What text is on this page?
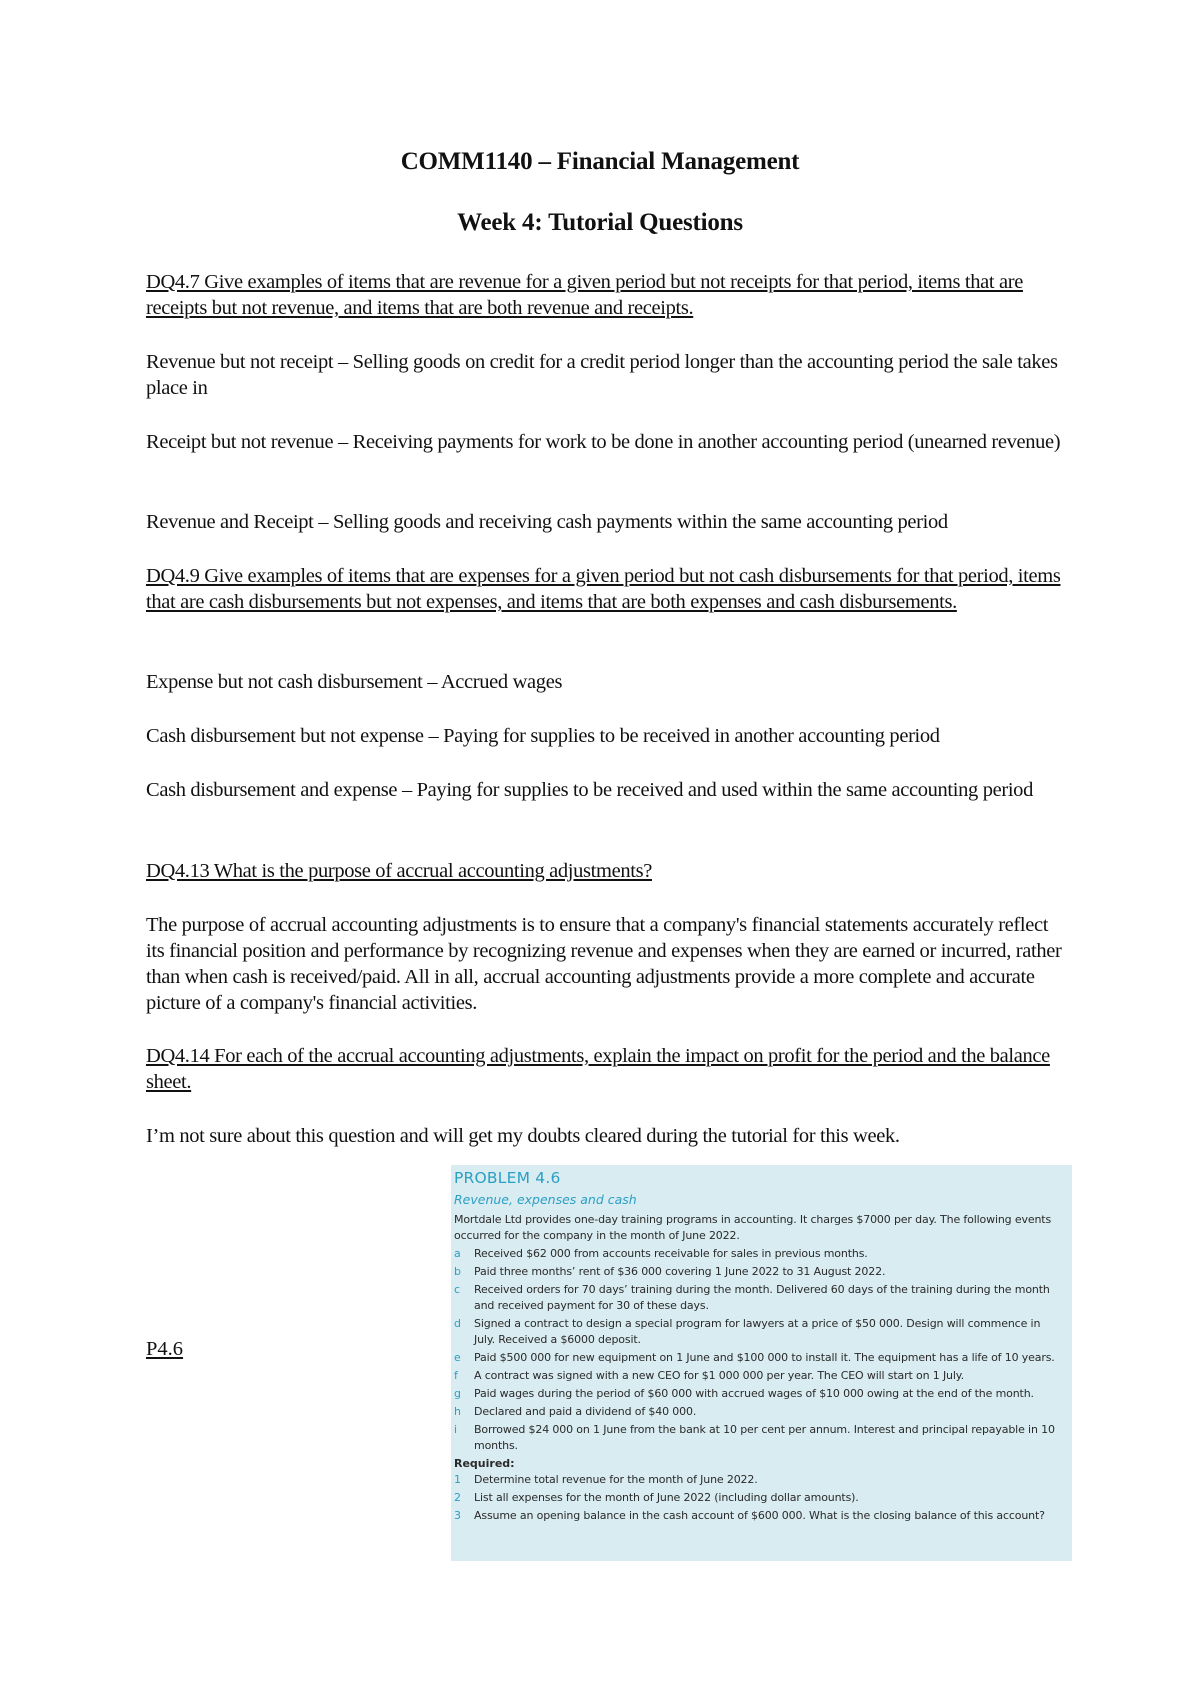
COMM1140 – Financial Management
Week 4: Tutorial Questions
DQ4.7 Give examples of items that are revenue for a given period but not receipts for that period, items that are receipts but not revenue, and items that are both revenue and receipts.
Revenue but not receipt – Selling goods on credit for a credit period longer than the accounting period the sale takes place in
Receipt but not revenue – Receiving payments for work to be done in another accounting period (unearned revenue)
Revenue and Receipt – Selling goods and receiving cash payments within the same accounting period
DQ4.9 Give examples of items that are expenses for a given period but not cash disbursements for that period, items that are cash disbursements but not expenses, and items that are both expenses and cash disbursements.
Expense but not cash disbursement – Accrued wages
Cash disbursement but not expense – Paying for supplies to be received in another accounting period
Cash disbursement and expense – Paying for supplies to be received and used within the same accounting period
DQ4.13 What is the purpose of accrual accounting adjustments?
The purpose of accrual accounting adjustments is to ensure that a company's financial statements accurately reflect its financial position and performance by recognizing revenue and expenses when they are earned or incurred, rather than when cash is received/paid. All in all, accrual accounting adjustments provide a more complete and accurate picture of a company's financial activities.
DQ4.14 For each of the accrual accounting adjustments, explain the impact on profit for the period and the balance sheet.
I’m not sure about this question and will get my doubts cleared during the tutorial for this week.
P4.6
PROBLEM 4.6
Revenue, expenses and cash
Mortdale Ltd provides one-day training programs in accounting. It charges $7000 per day. The following events occurred for the company in the month of June 2022.
a	Received $62 000 from accounts receivable for sales in previous months.
b	Paid three months’ rent of $36 000 covering 1 June 2022 to 31 August 2022.
c	Received orders for 70 days’ training during the month. Delivered 60 days of the training during the month and received payment for 30 of these days.
d	Signed a contract to design a special program for lawyers at a price of $50 000. Design will commence in July. Received a $6000 deposit.
e	Paid $500 000 for new equipment on 1 June and $100 000 to install it. The equipment has a life of 10 years.
f	A contract was signed with a new CEO for $1 000 000 per year. The CEO will start on 1 July.
g	Paid wages during the period of $60 000 with accrued wages of $10 000 owing at the end of the month.
h	Declared and paid a dividend of $40 000.
i	Borrowed $24 000 on 1 June from the bank at 10 per cent per annum. Interest and principal repayable in 10 months.
Required:
1	Determine total revenue for the month of June 2022.
2	List all expenses for the month of June 2022 (including dollar amounts).
3	Assume an opening balance in the cash account of $600 000. What is the closing balance of this account?
